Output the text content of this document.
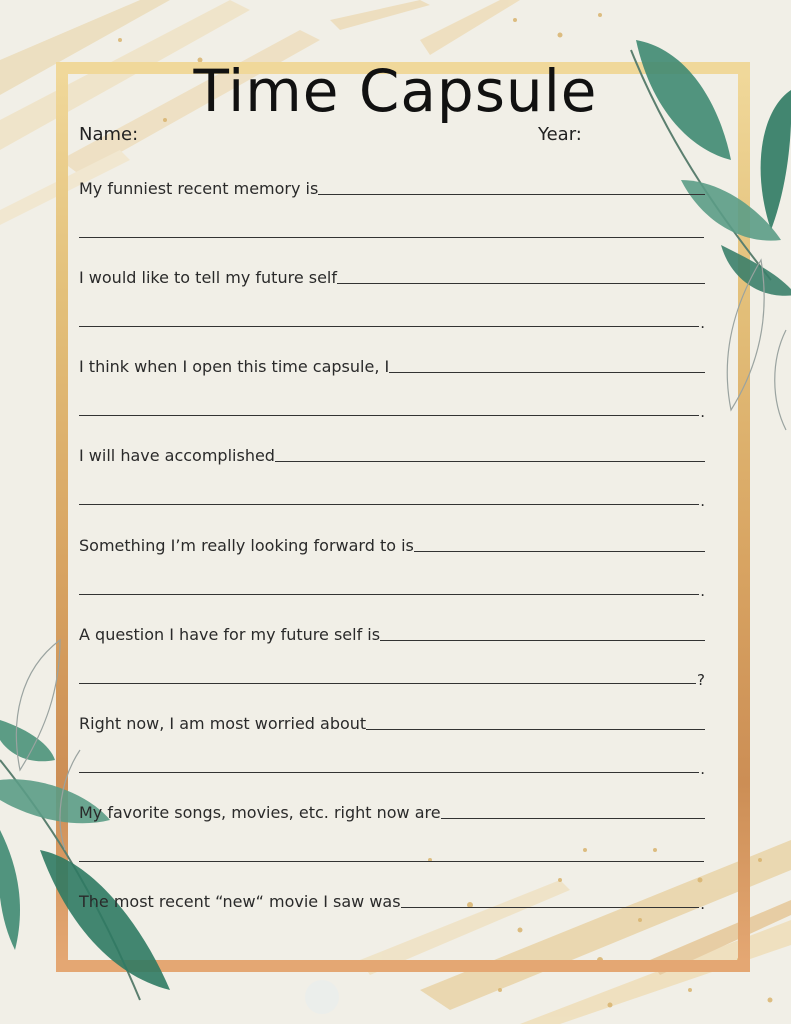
Time Capsule
Name:	Year:
My funniest recent memory is
I would like to tell my future self
.
I think when I open this time capsule, I
.
I will have accomplished
.
Something I’m really looking forward to is
.
A question I have for my future self is
?
Right now, I am most worried about
.
My favorite songs, movies, etc. right now are
The most recent “new“ movie I saw was	.
